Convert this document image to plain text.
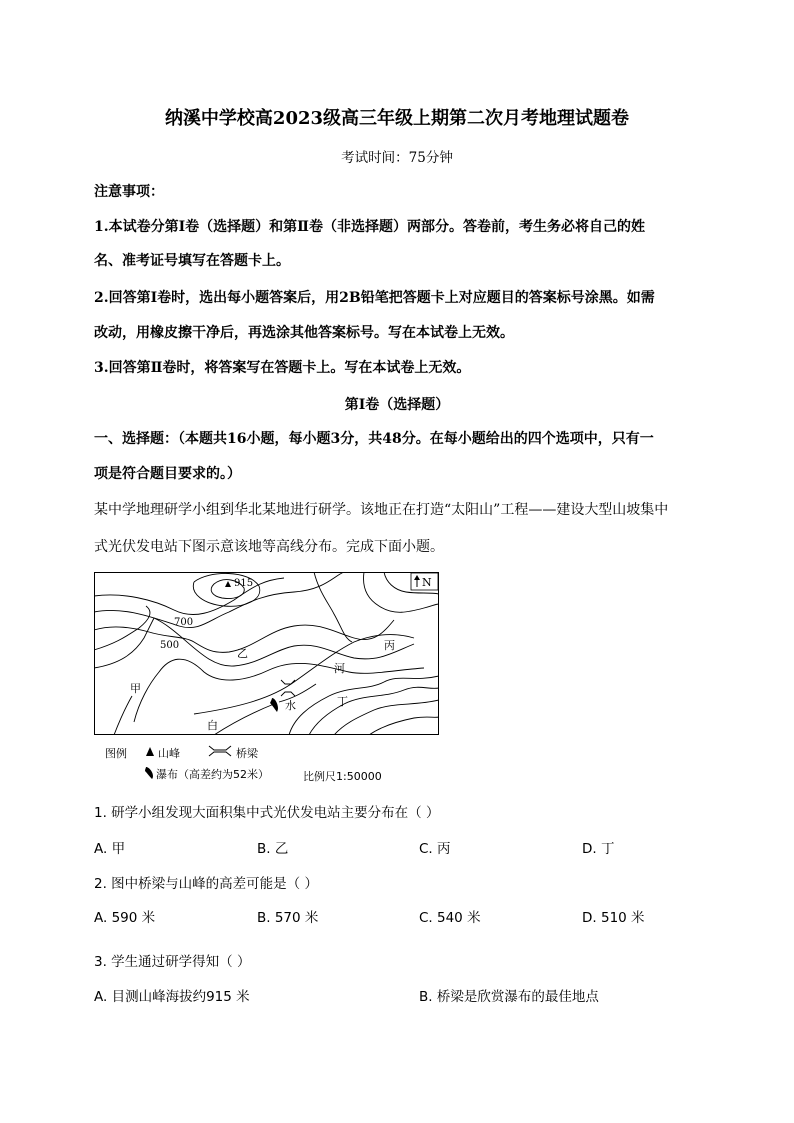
纳溪中学校高2023级高三年级上期第二次月考地理试题卷
考试时间：75分钟
注意事项：
1.本试卷分第Ⅰ卷（选择题）和第Ⅱ卷（非选择题）两部分。答卷前，考生务必将自己的姓
名、准考证号填写在答题卡上。
2.回答第Ⅰ卷时，选出每小题答案后，用2B铅笔把答题卡上对应题目的答案标号涂黑。如需
改动，用橡皮擦干净后，再选涂其他答案标号。写在本试卷上无效。
3.回答第Ⅱ卷时，将答案写在答题卡上。写在本试卷上无效。
第Ⅰ卷（选择题）
一、选择题：（本题共16小题，每小题3分，共48分。在每小题给出的四个选项中，只有一
项是符合题目要求的。）
某中学地理研学小组到华北某地进行研学。该地正在打造“太阳山”工程——建设大型山坡集中
式光伏发电站下图示意该地等高线分布。完成下面小题。
N
915
700
500
甲
乙
丙
丁
河
白
水
图例	山峰	桥梁
瀑布（高差约为52米）	比例尺1:50000
1. 研学小组发现大面积集中式光伏发电站主要分布在（ ）
A. 甲	B. 乙	C. 丙	D. 丁
2. 图中桥梁与山峰的高差可能是（ ）
A. 590 米	B. 570 米	C. 540 米	D. 510 米
3. 学生通过研学得知（ ）
A. 目测山峰海拔约915 米	B. 桥梁是欣赏瀑布的最佳地点
